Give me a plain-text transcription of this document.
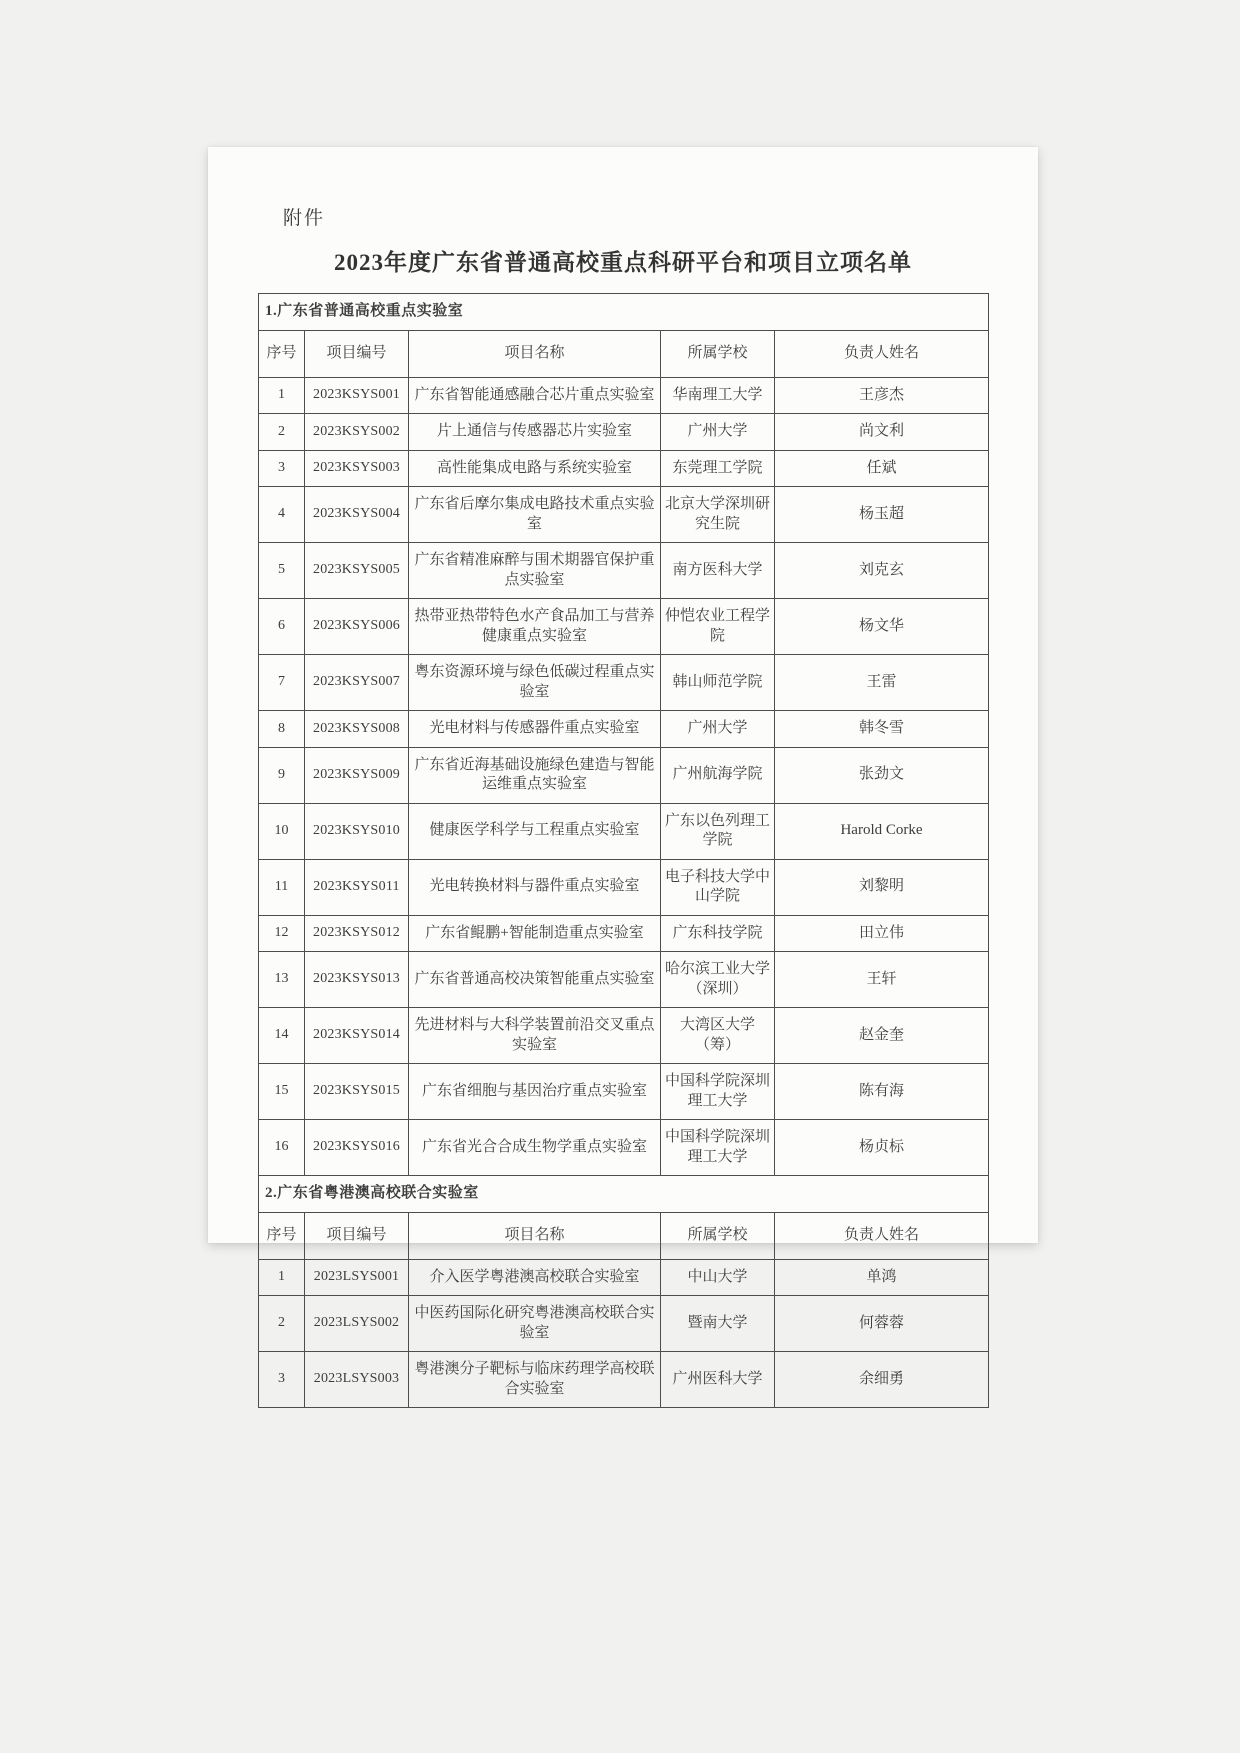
附件
2023年度广东省普通高校重点科研平台和项目立项名单
1.广东省普通高校重点实验室				
序号	项目编号	项目名称	所属学校	负责人姓名
1	2023KSYS001	广东省智能通感融合芯片重点实验室	华南理工大学	王彦杰
2	2023KSYS002	片上通信与传感器芯片实验室	广州大学	尚文利
3	2023KSYS003	高性能集成电路与系统实验室	东莞理工学院	任斌
4	2023KSYS004	广东省后摩尔集成电路技术重点实验室	北京大学深圳研究生院	杨玉超
5	2023KSYS005	广东省精准麻醉与围术期器官保护重点实验室	南方医科大学	刘克玄
6	2023KSYS006	热带亚热带特色水产食品加工与营养健康重点实验室	仲恺农业工程学院	杨文华
7	2023KSYS007	粤东资源环境与绿色低碳过程重点实验室	韩山师范学院	王雷
8	2023KSYS008	光电材料与传感器件重点实验室	广州大学	韩冬雪
9	2023KSYS009	广东省近海基础设施绿色建造与智能运维重点实验室	广州航海学院	张劲文
10	2023KSYS010	健康医学科学与工程重点实验室	广东以色列理工学院	Harold Corke
11	2023KSYS011	光电转换材料与器件重点实验室	电子科技大学中山学院	刘黎明
12	2023KSYS012	广东省鲲鹏+智能制造重点实验室	广东科技学院	田立伟
13	2023KSYS013	广东省普通高校决策智能重点实验室	哈尔滨工业大学（深圳）	王轩
14	2023KSYS014	先进材料与大科学装置前沿交叉重点实验室	大湾区大学（筹）	赵金奎
15	2023KSYS015	广东省细胞与基因治疗重点实验室	中国科学院深圳理工大学	陈有海
16	2023KSYS016	广东省光合合成生物学重点实验室	中国科学院深圳理工大学	杨贞标
2.广东省粤港澳高校联合实验室				
序号	项目编号	项目名称	所属学校	负责人姓名
1	2023LSYS001	介入医学粤港澳高校联合实验室	中山大学	单鸿
2	2023LSYS002	中医药国际化研究粤港澳高校联合实验室	暨南大学	何蓉蓉
3	2023LSYS003	粤港澳分子靶标与临床药理学高校联合实验室	广州医科大学	余细勇
